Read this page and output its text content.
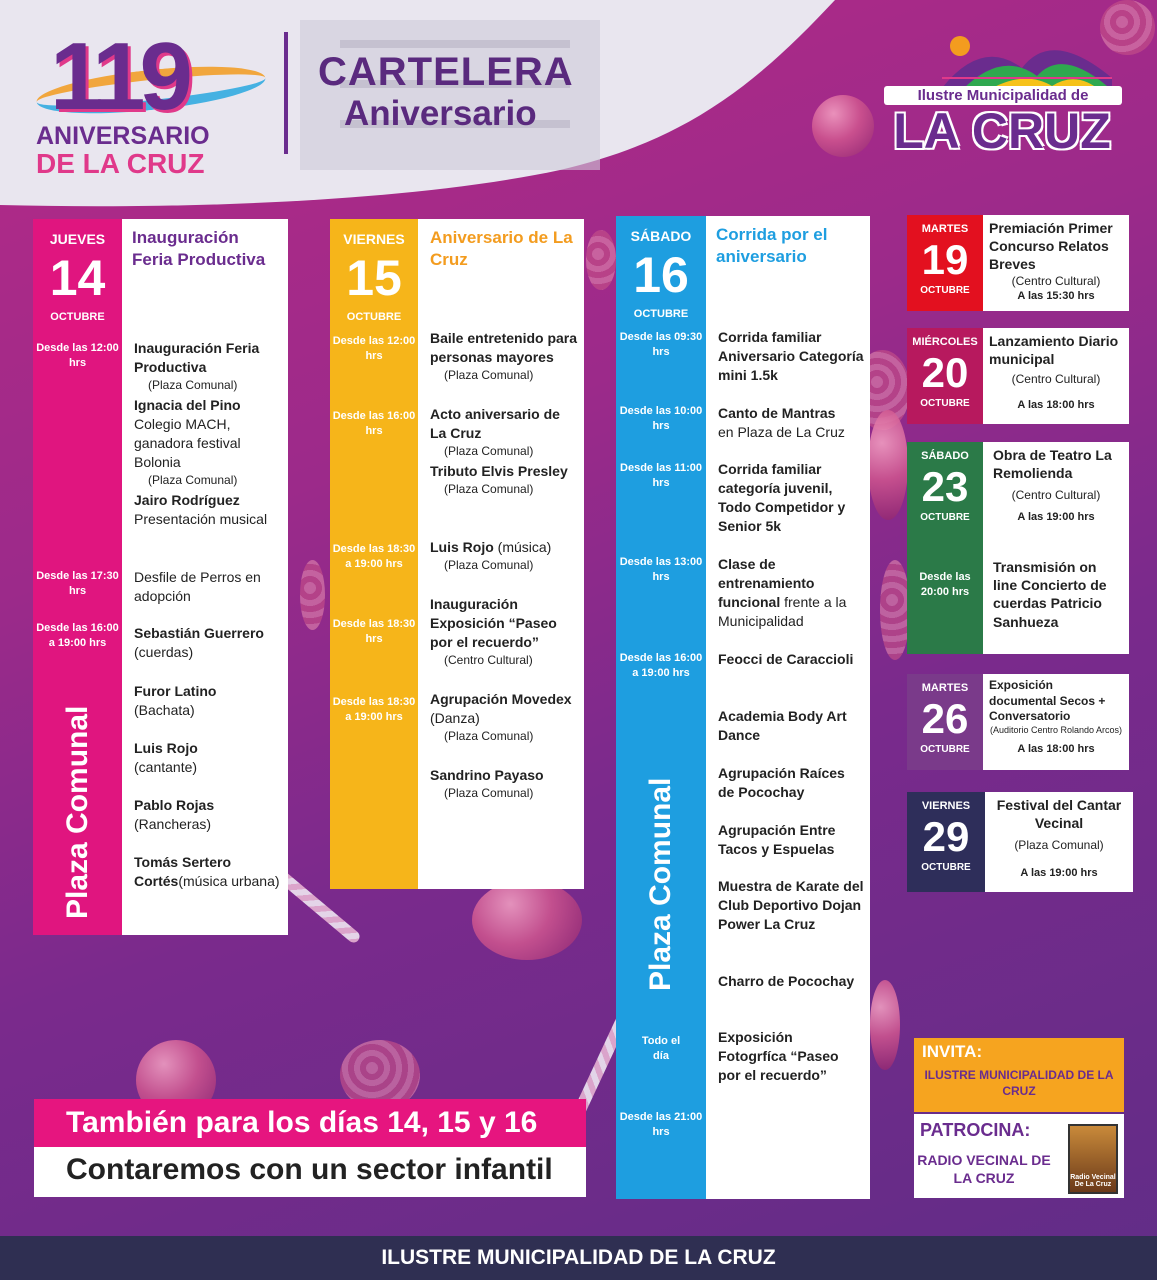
119
ANIVERSARIO
DE LA CRUZ
CARTELERA
Aniversario	Ilustre Municipalidad de
LA CRUZ
JUEVES
14
OCTUBRE
Desde las 12:00 hrs
Desde las 17:30 hrs
Desde las 16:00 a 19:00 hrs
Plaza Comunal
Inauguración Feria Productiva
Inauguración Feria Productiva
(Plaza Comunal)
Ignacia del Pino
Colegio MACH, ganadora festival Bolonia
(Plaza Comunal)
Jairo Rodríguez
Presentación musical
Desfile de Perros en adopción
Sebastián Guerrero
(cuerdas)
Furor Latino
(Bachata)
Luis Rojo
(cantante)
Pablo Rojas
(Rancheras)
Tomás Sertero Cortés(música urbana)
VIERNES
15
OCTUBRE
Desde las 12:00 hrs
Desde las 16:00 hrs
Desde las 18:30 a 19:00 hrs
Desde las 18:30 hrs
Desde las 18:30 a 19:00 hrs
Aniversario de La Cruz
Baile entretenido para personas mayores
(Plaza Comunal)
Acto aniversario de La Cruz
(Plaza Comunal)
Tributo Elvis Presley
(Plaza Comunal)
Luis Rojo (música)
(Plaza Comunal)
Inauguración Exposición “Paseo por el recuerdo”
(Centro Cultural)
Agrupación Movedex (Danza)
(Plaza Comunal)
Sandrino Payaso
(Plaza Comunal)
SÁBADO
16
OCTUBRE
Desde las 09:30 hrs
Desde las 10:00 hrs
Desde las 11:00 hrs
Desde las 13:00 hrs
Desde las 16:00 a 19:00 hrs
Plaza Comunal
Todo el día
Desde las 21:00 hrs
Corrida por el aniversario
Corrida familiar Aniversario Categoría mini 1.5k
Canto de Mantras
en Plaza de La Cruz
Corrida familiar categoría juvenil, Todo Competidor y Senior 5k
Clase de entrenamiento funcional frente a la Municipalidad
Feocci de Caraccioli
Academia Body Art Dance
Agrupación Raíces de Pocochay
Agrupación Entre Tacos y Espuelas
Muestra de Karate del Club Deportivo Dojan Power La Cruz
Charro de Pocochay
Exposición Fotogrfíca “Paseo por el recuerdo”
MARTES
19
OCTUBRE
Premiación Primer Concurso Relatos Breves
(Centro Cultural)
A las 15:30 hrs
MIÉRCOLES
20
OCTUBRE
Lanzamiento Diario municipal
(Centro Cultural)
A las 18:00 hrs
SÁBADO
23
OCTUBRE
Desde las 20:00 hrs
Obra de Teatro La Remolienda
(Centro Cultural)
A las 19:00 hrs
Transmisión on line Concierto de cuerdas Patricio Sanhueza
MARTES
26
OCTUBRE
Exposición documental Secos + Conversatorio
(Auditorio Centro Rolando Arcos)
A las 18:00 hrs
VIERNES
29
OCTUBRE
Festival del Cantar Vecinal
(Plaza Comunal)
A las 19:00 hrs
También para los días 14, 15 y 16
Contaremos con un sector infantil
INVITA:
ILUSTRE MUNICIPALIDAD DE LA CRUZ
PATROCINA:
RADIO VECINAL DE LA CRUZ	Radio Vecinal De La Cruz
ILUSTRE MUNICIPALIDAD DE LA CRUZ
